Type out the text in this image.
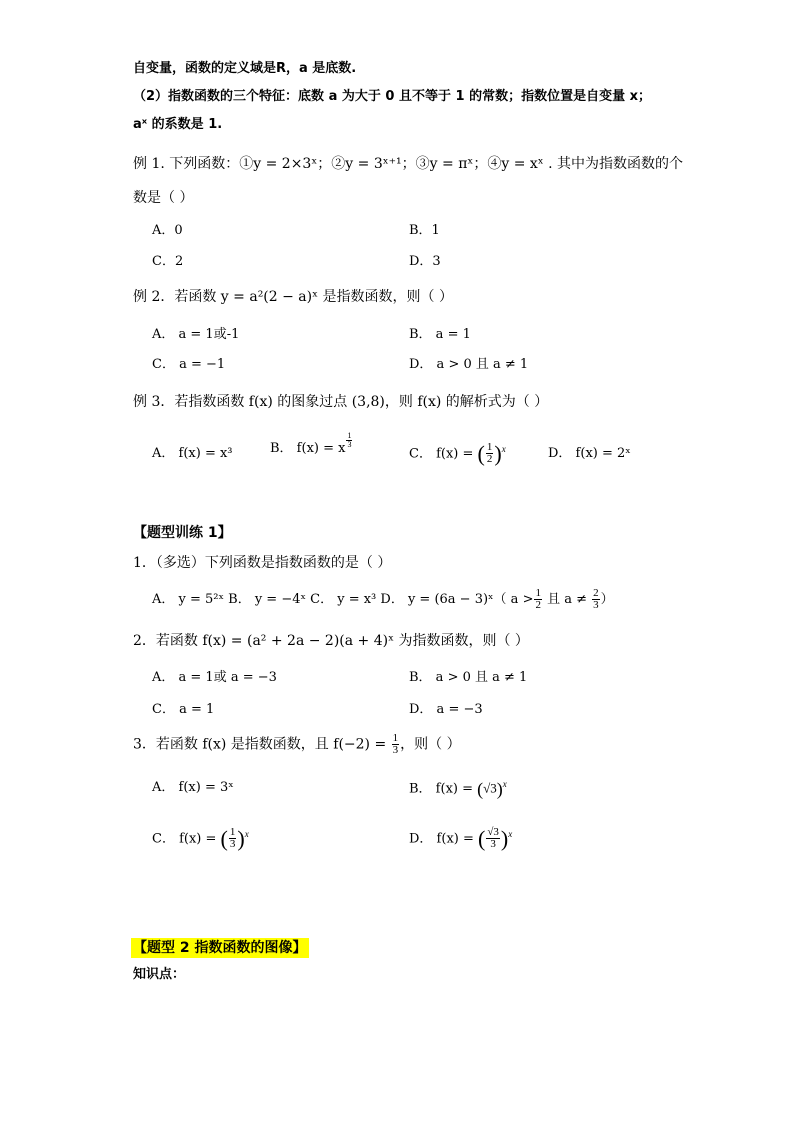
自变量，函数的定义域是R，a 是底数.
（2）指数函数的三个特征：底数 a 为大于 0 且不等于 1 的常数；指数位置是自变量 x；
aˣ 的系数是 1.
例 1. 下列函数：①y = 2×3ˣ；②y = 3ˣ⁺¹；③y = πˣ；④y = xˣ . 其中为指数函数的个
数是（ ）
A．0	B．1
C．2	D．3
例 2．若函数 y = a²(2 − a)ˣ 是指数函数，则（ ）
A． a = 1或-1	B． a = 1
C． a = −1	D． a > 0 且 a ≠ 1
例 3．若指数函数 f(x) 的图象过点 (3,8)，则 f(x) 的解析式为（ ）
A． f(x) = x³	B． f(x) = x $\frac{1}{3}$
C． f(x) = ( $\frac{1}{2} )^x$	D． f(x) = 2ˣ
【题型训练 1】
1．（多选）下列函数是指数函数的是（ ）
A． y = 5²ˣ B． y = −4ˣ C． y = x³ D． y = (6a − 3)ˣ（ $a > \frac{1}{2}$ 且 $a \ne \frac{2}{3}$ ）
2．若函数 f(x) = (a² + 2a − 2)(a + 4)ˣ 为指数函数，则（ ）
A． a = 1或 a = −3	B． a > 0 且 a ≠ 1
C． a = 1	D． a = −3
3．若函数 f(x) 是指数函数，且 $f(-2) = \frac{1}{3}$ ，则（ ）
A． f(x) = 3ˣ	B． $f(x) = (√3)^x$
C． f(x) = ( $\frac{1}{3} )^x$	D． f(x) = ( $\frac{√3}{3} )^x$
【题型 2 指数函数的图像】
知识点：
